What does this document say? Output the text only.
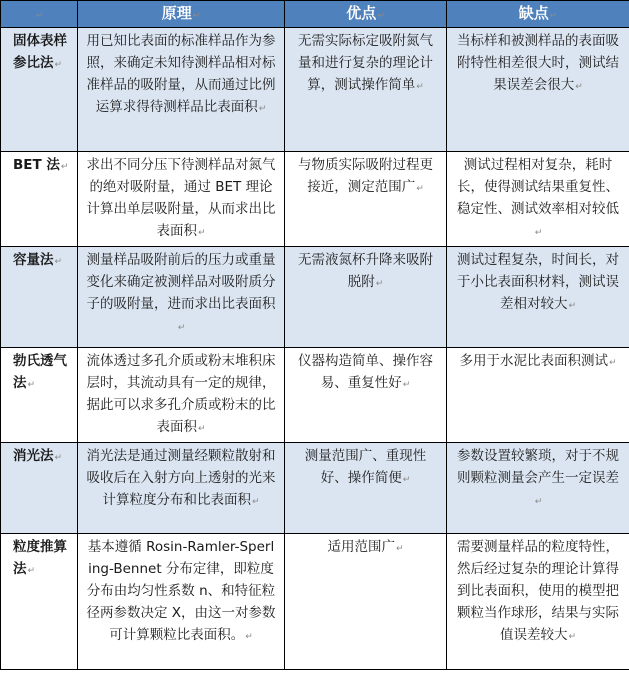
↵	原理↵	优点↵	缺点↵
固体表样参比法↵	用已知比表面的标准样品作为参照，来确定未知待测样品相对标准样品的吸附量，从而通过比例运算求得待测样品比表面积↵	无需实际标定吸附氮气量和进行复杂的理论计算，测试操作简单↵	当标样和被测样品的表面吸附特性相差很大时，测试结果误差会很大↵
BET 法↵	求出不同分压下待测样品对氮气的绝对吸附量，通过 BET 理论计算出单层吸附量，从而求出比表面积↵	与物质实际吸附过程更接近，测定范围广↵	测试过程相对复杂，耗时长，使得测试结果重复性、稳定性、测试效率相对较低↵
容量法↵	测量样品吸附前后的压力或重量变化来确定被测样品对吸附质分子的吸附量，进而求出比表面积↵	无需液氮杯升降来吸附脱附↵	测试过程复杂，时间长，对于小比表面积材料，测试误差相对较大↵
勃氏透气法↵	流体透过多孔介质或粉末堆积床层时，其流动具有一定的规律，据此可以求多孔介质或粉末的比表面积↵	仪器构造简单、操作容易、重复性好↵	多用于水泥比表面积测试↵
消光法↵	消光法是通过测量经颗粒散射和吸收后在入射方向上透射的光来计算粒度分布和比表面积↵	测量范围广、重现性好、操作简便↵	参数设置较繁琐，对于不规则颗粒测量会产生一定误差↵
粒度推算法↵	基本遵循 Rosin-Ramler-Sperling-Bennet 分布定律，即粒度分布由均匀性系数 n、和特征粒径两参数决定 X，由这一对参数可计算颗粒比表面积。↵	适用范围广↵	需要测量样品的粒度特性，然后经过复杂的理论计算得到比表面积，使用的模型把颗粒当作球形，结果与实际值误差较大↵
